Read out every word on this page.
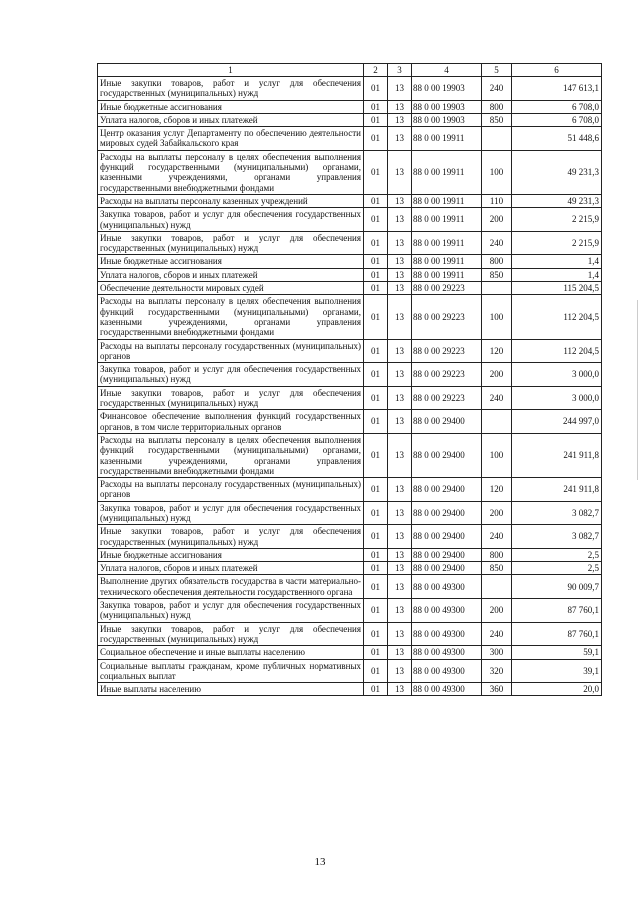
1	2	3	4	5	6
Иные закупки товаров, работ и услуг для обеспечения государственных (муниципальных) нужд	01	13	88 0 00 19903	240	147 613,1
Иные бюджетные ассигнования	01	13	88 0 00 19903	800	6 708,0
Уплата налогов, сборов и иных платежей	01	13	88 0 00 19903	850	6 708,0
Центр оказания услуг Департаменту по обеспечению деятельности мировых судей Забайкальского края	01	13	88 0 00 19911		51 448,6
Расходы на выплаты персоналу в целях обеспечения выполнения функций государственными (муниципальными) органами, казенными учреждениями, органами управления государственными внебюджетными фондами	01	13	88 0 00 19911	100	49 231,3
Расходы на выплаты персоналу казенных учреждений	01	13	88 0 00 19911	110	49 231,3
Закупка товаров, работ и услуг для обеспечения государственных (муниципальных) нужд	01	13	88 0 00 19911	200	2 215,9
Иные закупки товаров, работ и услуг для обеспечения государственных (муниципальных) нужд	01	13	88 0 00 19911	240	2 215,9
Иные бюджетные ассигнования	01	13	88 0 00 19911	800	1,4
Уплата налогов, сборов и иных платежей	01	13	88 0 00 19911	850	1,4
Обеспечение деятельности мировых судей	01	13	88 0 00 29223		115 204,5
Расходы на выплаты персоналу в целях обеспечения выполнения функций государственными (муниципальными) органами, казенными учреждениями, органами управления государственными внебюджетными фондами	01	13	88 0 00 29223	100	112 204,5
Расходы на выплаты персоналу государственных (муниципальных) органов	01	13	88 0 00 29223	120	112 204,5
Закупка товаров, работ и услуг для обеспечения государственных (муниципальных) нужд	01	13	88 0 00 29223	200	3 000,0
Иные закупки товаров, работ и услуг для обеспечения государственных (муниципальных) нужд	01	13	88 0 00 29223	240	3 000,0
Финансовое обеспечение выполнения функций государственных органов, в том числе территориальных органов	01	13	88 0 00 29400		244 997,0
Расходы на выплаты персоналу в целях обеспечения выполнения функций государственными (муниципальными) органами, казенными учреждениями, органами управления государственными внебюджетными фондами	01	13	88 0 00 29400	100	241 911,8
Расходы на выплаты персоналу государственных (муниципальных) органов	01	13	88 0 00 29400	120	241 911,8
Закупка товаров, работ и услуг для обеспечения государственных (муниципальных) нужд	01	13	88 0 00 29400	200	3 082,7
Иные закупки товаров, работ и услуг для обеспечения государственных (муниципальных) нужд	01	13	88 0 00 29400	240	3 082,7
Иные бюджетные ассигнования	01	13	88 0 00 29400	800	2,5
Уплата налогов, сборов и иных платежей	01	13	88 0 00 29400	850	2,5
Выполнение других обязательств государства в части материально-технического обеспечения деятельности государственного органа	01	13	88 0 00 49300		90 009,7
Закупка товаров, работ и услуг для обеспечения государственных (муниципальных) нужд	01	13	88 0 00 49300	200	87 760,1
Иные закупки товаров, работ и услуг для обеспечения государственных (муниципальных) нужд	01	13	88 0 00 49300	240	87 760,1
Социальное обеспечение и иные выплаты населению	01	13	88 0 00 49300	300	59,1
Социальные выплаты гражданам, кроме публичных нормативных социальных выплат	01	13	88 0 00 49300	320	39,1
Иные выплаты населению	01	13	88 0 00 49300	360	20,0
13
